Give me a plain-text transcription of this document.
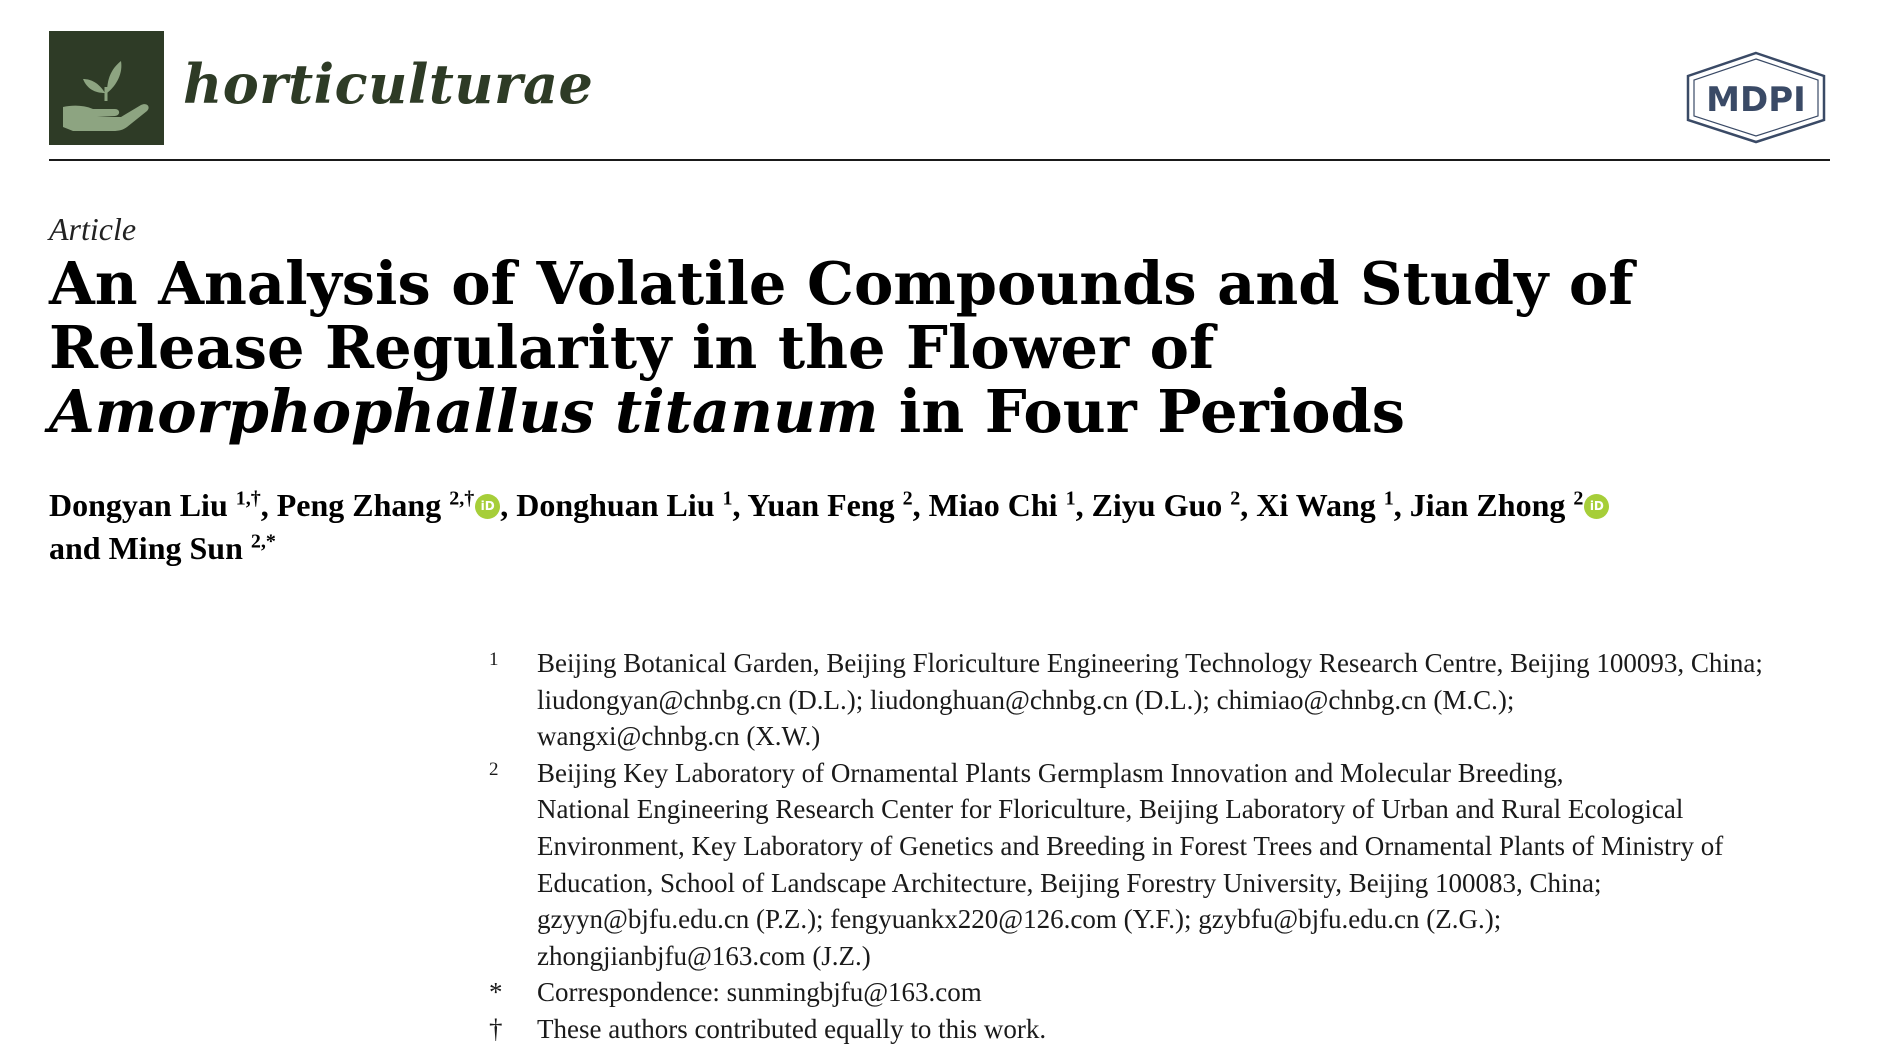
horticulturae	MDPI
Article
An Analysis of Volatile Compounds and Study of Release Regularity in the Flower of Amorphophallus titanum in Four Periods
Dongyan Liu $^{1,\dagger}$, Peng Zhang $^{2,\dagger}$ iD , Donghuan Liu $^1$, Yuan Feng $^2$, Miao Chi $^1$, Ziyu Guo $^2$, Xi Wang $^1$, Jian Zhong $^2$ iD
and Ming Sun $^{2,*}$
1 Beijing Botanical Garden, Beijing Floriculture Engineering Technology Research Centre, Beijing 100093, China;
liudongyan@chnbg.cn (D.L.); liudonghuan@chnbg.cn (D.L.); chimiao@chnbg.cn (M.C.);
wangxi@chnbg.cn (X.W.)
2 Beijing Key Laboratory of Ornamental Plants Germplasm Innovation and Molecular Breeding,
National Engineering Research Center for Floriculture, Beijing Laboratory of Urban and Rural Ecological
Environment, Key Laboratory of Genetics and Breeding in Forest Trees and Ornamental Plants of Ministry of
Education, School of Landscape Architecture, Beijing Forestry University, Beijing 100083, China;
gzyyn@bjfu.edu.cn (P.Z.); fengyuankx220@126.com (Y.F.); gzybfu@bjfu.edu.cn (Z.G.);
zhongjianbjfu@163.com (J.Z.)
* Correspondence: sunmingbjfu@163.com
† These authors contributed equally to this work.
